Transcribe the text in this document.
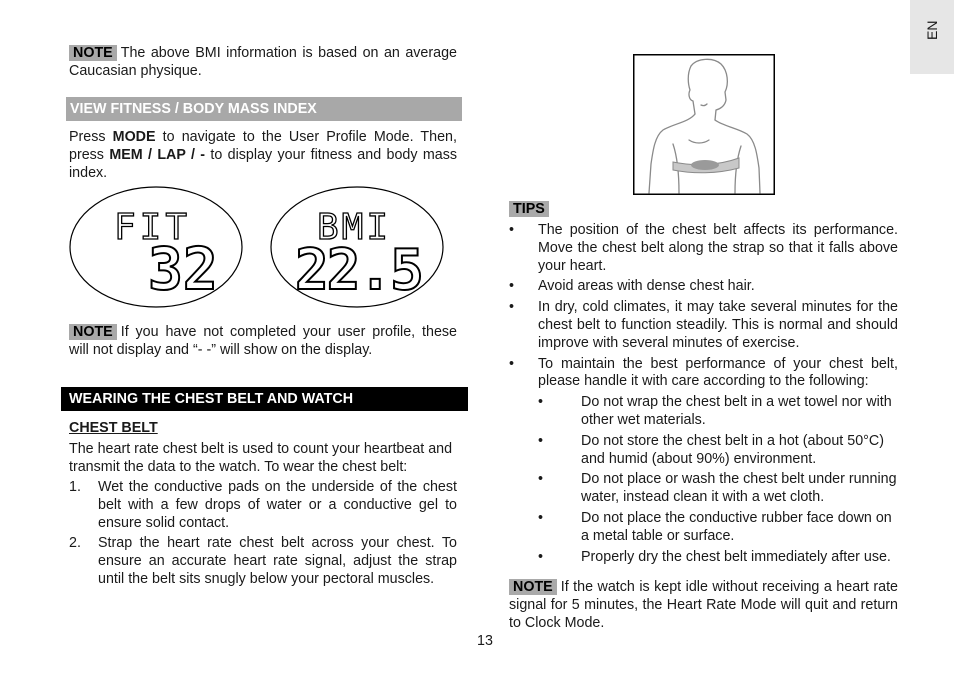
EN
NOTE The above BMI information is based on an average Caucasian physique.
VIEW FITNESS / BODY MASS INDEX
Press MODE to navigate to the User Profile Mode. Then, press MEM / LAP / - to display your fitness and body mass index.
FIT
32
BMI
22.5
NOTE If you have not completed your user profile, these will not display and “- -” will show on the display.
WEARING THE CHEST BELT AND WATCH
CHEST BELT
The heart rate chest belt is used to count your heartbeat and transmit the data to the watch. To wear the chest belt:
1. Wet the conductive pads on the underside of the chest belt with a few drops of water or a conductive gel to ensure solid contact.
2. Strap the heart rate chest belt across your chest. To ensure an accurate heart rate signal, adjust the strap until the belt sits snugly below your pectoral muscles.
TIPS
• The position of the chest belt affects its performance. Move the chest belt along the strap so that it falls above your heart.
• Avoid areas with dense chest hair.
• In dry, cold climates, it may take several minutes for the chest belt to function steadily. This is normal and should improve with several minutes of exercise.
• To maintain the best performance of your chest belt, please handle it with care according to the following:
•	Do not wrap the chest belt in a wet towel nor with other wet materials.
•	Do not store the chest belt in a hot (about 50°C) and humid (about 90%) environment.
•	Do not place or wash the chest belt under running water, instead clean it with a wet cloth.
•	Do not place the conductive rubber face down on a metal table or surface.
•	Properly dry the chest belt immediately after use.
NOTE If the watch is kept idle without receiving a heart rate signal for 5 minutes, the Heart Rate Mode will quit and return to Clock Mode.
13
